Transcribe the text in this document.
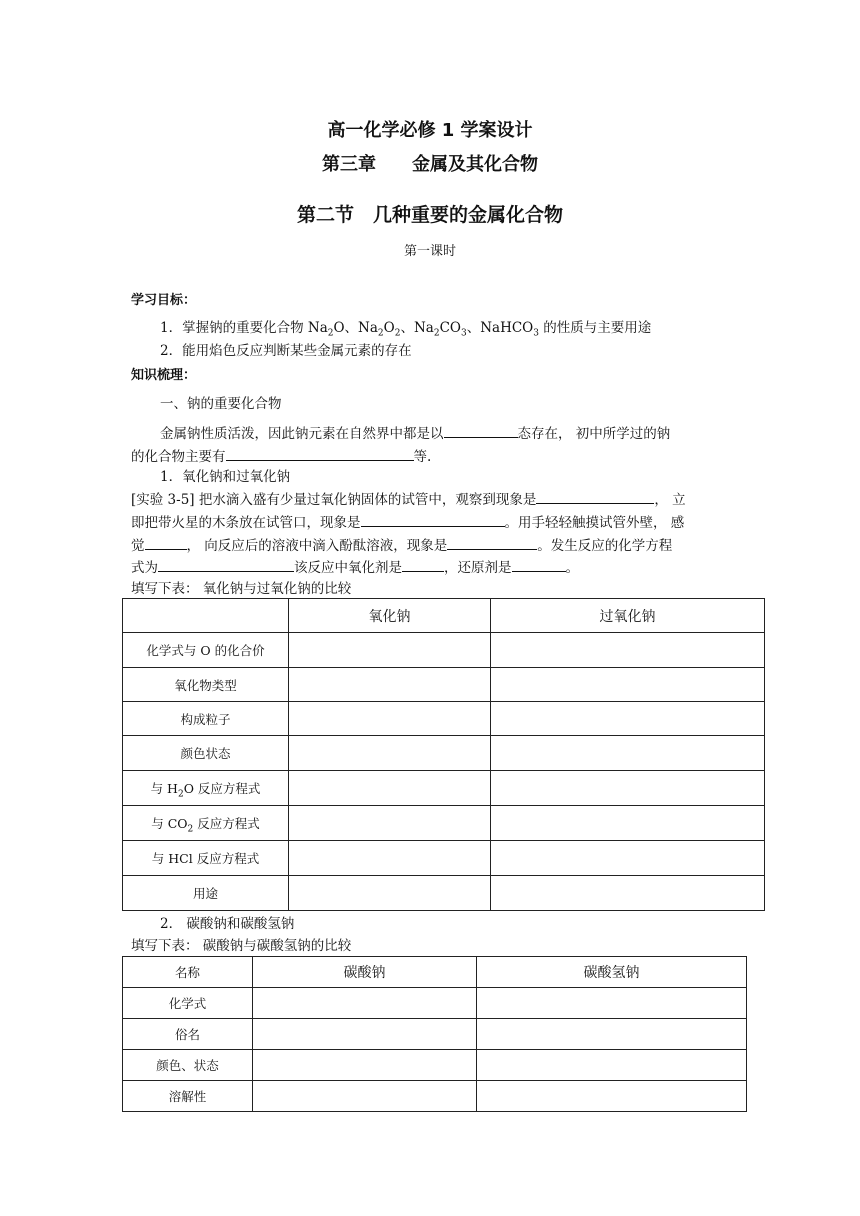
高一化学必修 1 学案设计
第三章　　金属及其化合物
第二节　几种重要的金属化合物
第一课时
学习目标：
1．掌握钠的重要化合物 $Na_2O$、$Na_2O_2$、$Na_2CO_3$、NaHCO$_3$ 的性质与主要用途
2．能用焰色反应判断某些金属元素的存在
知识梳理：
一、钠的重要化合物
金属钠性质活泼，因此钠元素在自然界中都是以	态存在， 初中所学过的钠
的化合物主要有	等.
1．氧化钠和过氧化钠
[实验 3-5] 把水滴入盛有少量过氧化钠固体的试管中，观察到现象是	， 立
即把带火星的木条放在试管口，现象是	。用手轻轻触摸试管外壁， 感
觉	， 向反应后的溶液中滴入酚酞溶液，现象是	。发生反应的化学方程
式为	该反应中氧化剂是	，还原剂是	。
填写下表： 氧化钠与过氧化钠的比较
	氧化钠	过氧化钠
化学式与 O 的化合价		
氧化物类型		
构成粒子		
颜色状态		
与 $H_2O$ 反应方程式		
与 $CO_2$ 反应方程式		
与 HCl 反应方程式		
用途		
2． 碳酸钠和碳酸氢钠
填写下表： 碳酸钠与碳酸氢钠的比较
名称	碳酸钠	碳酸氢钠
化学式		
俗名		
颜色、状态		
溶解性		
